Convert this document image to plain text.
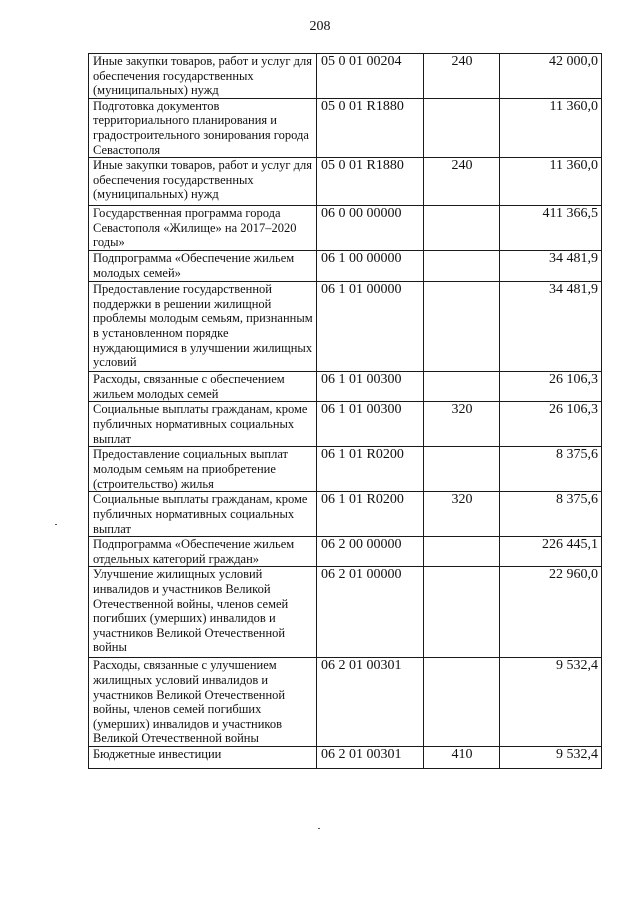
208
Иные закупки товаров, работ и услуг для обеспечения государственных (муниципальных) нужд	05 0 01 00204	240	42 000,0
Подготовка документов территориального планирования и градостроительного зонирования города Севастополя	05 0 01 R1880		11 360,0
Иные закупки товаров, работ и услуг для обеспечения государственных (муниципальных) нужд	05 0 01 R1880	240	11 360,0
Государственная программа города Севастополя «Жилище» на 2017–2020 годы»	06 0 00 00000		411 366,5
Подпрограмма «Обеспечение жильем молодых семей»	06 1 00 00000		34 481,9
Предоставление государственной поддержки в решении жилищной проблемы молодым семьям, признанным в установленном порядке нуждающимися в улучшении жилищных условий	06 1 01 00000		34 481,9
Расходы, связанные с обеспечением жильем молодых семей	06 1 01 00300		26 106,3
Социальные выплаты гражданам, кроме публичных нормативных социальных выплат	06 1 01 00300	320	26 106,3
Предоставление социальных выплат молодым семьям на приобретение (строительство) жилья	06 1 01 R0200		8 375,6
Социальные выплаты гражданам, кроме публичных нормативных социальных выплат	06 1 01 R0200	320	8 375,6
Подпрограмма «Обеспечение жильем отдельных категорий граждан»	06 2 00 00000		226 445,1
Улучшение жилищных условий инвалидов и участников Великой Отечественной войны, членов семей погибших (умерших) инвалидов и участников Великой Отечественной войны	06 2 01 00000		22 960,0
Расходы, связанные с улучшением жилищных условий инвалидов и участников Великой Отечественной войны, членов семей погибших (умерших) инвалидов и участников Великой Отечественной войны	06 2 01 00301		9 532,4
Бюджетные инвестиции	06 2 01 00301	410	9 532,4
